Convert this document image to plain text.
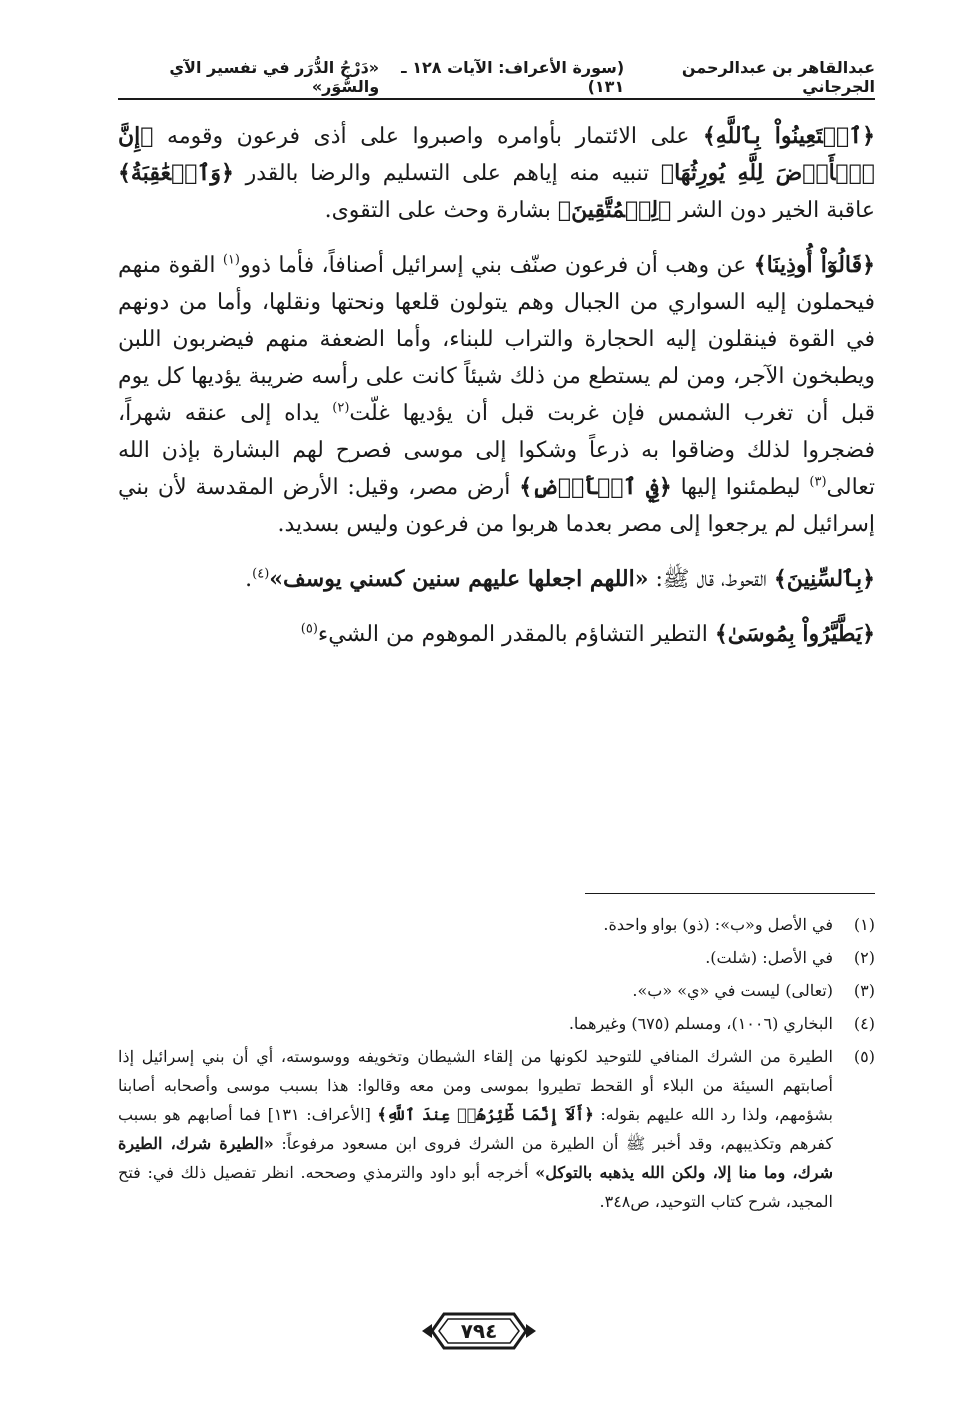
عبدالقاهر بن عبدالرحمن الجرجاني
(سورة الأعراف: الآيات ١٢٨ ـ ١٣١)
«دَرْجُ الدُّرَر في تفسير الآي والسُّوَر»

﴿ٱسۡتَعِينُواْ بِٱللَّهِ﴾ على الائتمار بأوامره واصبروا على أذى فرعون وقومه ﴿إِنَّ ٱلۡأَرۡضَ لِلَّهِ يُورِثُهَا﴾ تنبيه منه إياهم على التسليم والرضا بالقدر ﴿وَٱلۡعَٰقِبَةُ﴾ عاقبة الخير دون الشر ﴿لِلۡمُتَّقِينَ﴾ بشارة وحث على التقوى.

﴿قَالُوٓاْ أُوذِينَا﴾ عن وهب أن فرعون صنّف بني إسرائيل أصنافاً، فأما ذوو$^{(١)}$ القوة منهم فيحملون إليه السواري من الجبال وهم يتولون قلعها ونحتها ونقلها، وأما من دونهم في القوة فينقلون إليه الحجارة والتراب للبناء، وأما الضعفة منهم فيضربون اللبن ويطبخون الآجر، ومن لم يستطع من ذلك شيئاً كانت على رأسه ضريبة يؤديها كل يوم قبل أن تغرب الشمس فإن غربت قبل أن يؤديها غلّت$^{(٢)}$ يداه إلى عنقه شهراً، فضجروا لذلك وضاقوا به ذرعاً وشكوا إلى موسى فصرح لهم البشارة بإذن الله تعالى$^{(٣)}$ ليطمئنوا إليها ﴿فِي ٱلۡأَرۡضِ﴾ أرض مصر، وقيل: الأرض المقدسة لأن بني إسرائيل لم يرجعوا إلى مصر بعدما هربوا من فرعون وليس بسديد.

﴿بِٱلسِّنِينَ﴾ القحوط، قال ﷺ: «اللهم اجعلها عليهم سنين كسني يوسف»$^{(٤)}$.

﴿يَطَّيَّرُواْ بِمُوسَىٰ﴾ التطير التشاؤم بالمقدر الموهوم من الشيء$^{(٥)}$

(١)
في الأصل و«ب»: (ذو) بواو واحدة.
(٢)
في الأصل: (شلت).
(٣)
(تعالى) ليست في «ي» «ب».
(٤)
البخاري (١٠٠٦)، ومسلم (٦٧٥) وغيرهما.
(٥)
الطيرة من الشرك المنافي للتوحيد لكونها من إلقاء الشيطان وتخويفه ووسوسته، أي أن بني إسرائيل إذا أصابتهم السيئة من البلاء أو القحط تطيروا بموسى ومن معه وقالوا: هذا بسبب موسى وأصحابه أصابنا بشؤمهم، ولذا رد الله عليهم بقوله: ﴿أَلَآ إِنَّمَا طَٰٓئِرُهُمۡ عِندَ ٱللَّهِ﴾ [الأعراف: ١٣١] فما أصابهم هو بسبب كفرهم وتكذيبهم، وقد أخبر ﷺ أن الطيرة من الشرك فروى ابن مسعود مرفوعاً: «الطيرة شرك، الطيرة شرك، وما منا إلا، ولكن الله يذهبه بالتوكل» أخرجه أبو داود والترمذي وصححه. انظر تفصيل ذلك في: فتح المجيد، شرح كتاب التوحيد، ص٣٤٨.
٧٩٤
